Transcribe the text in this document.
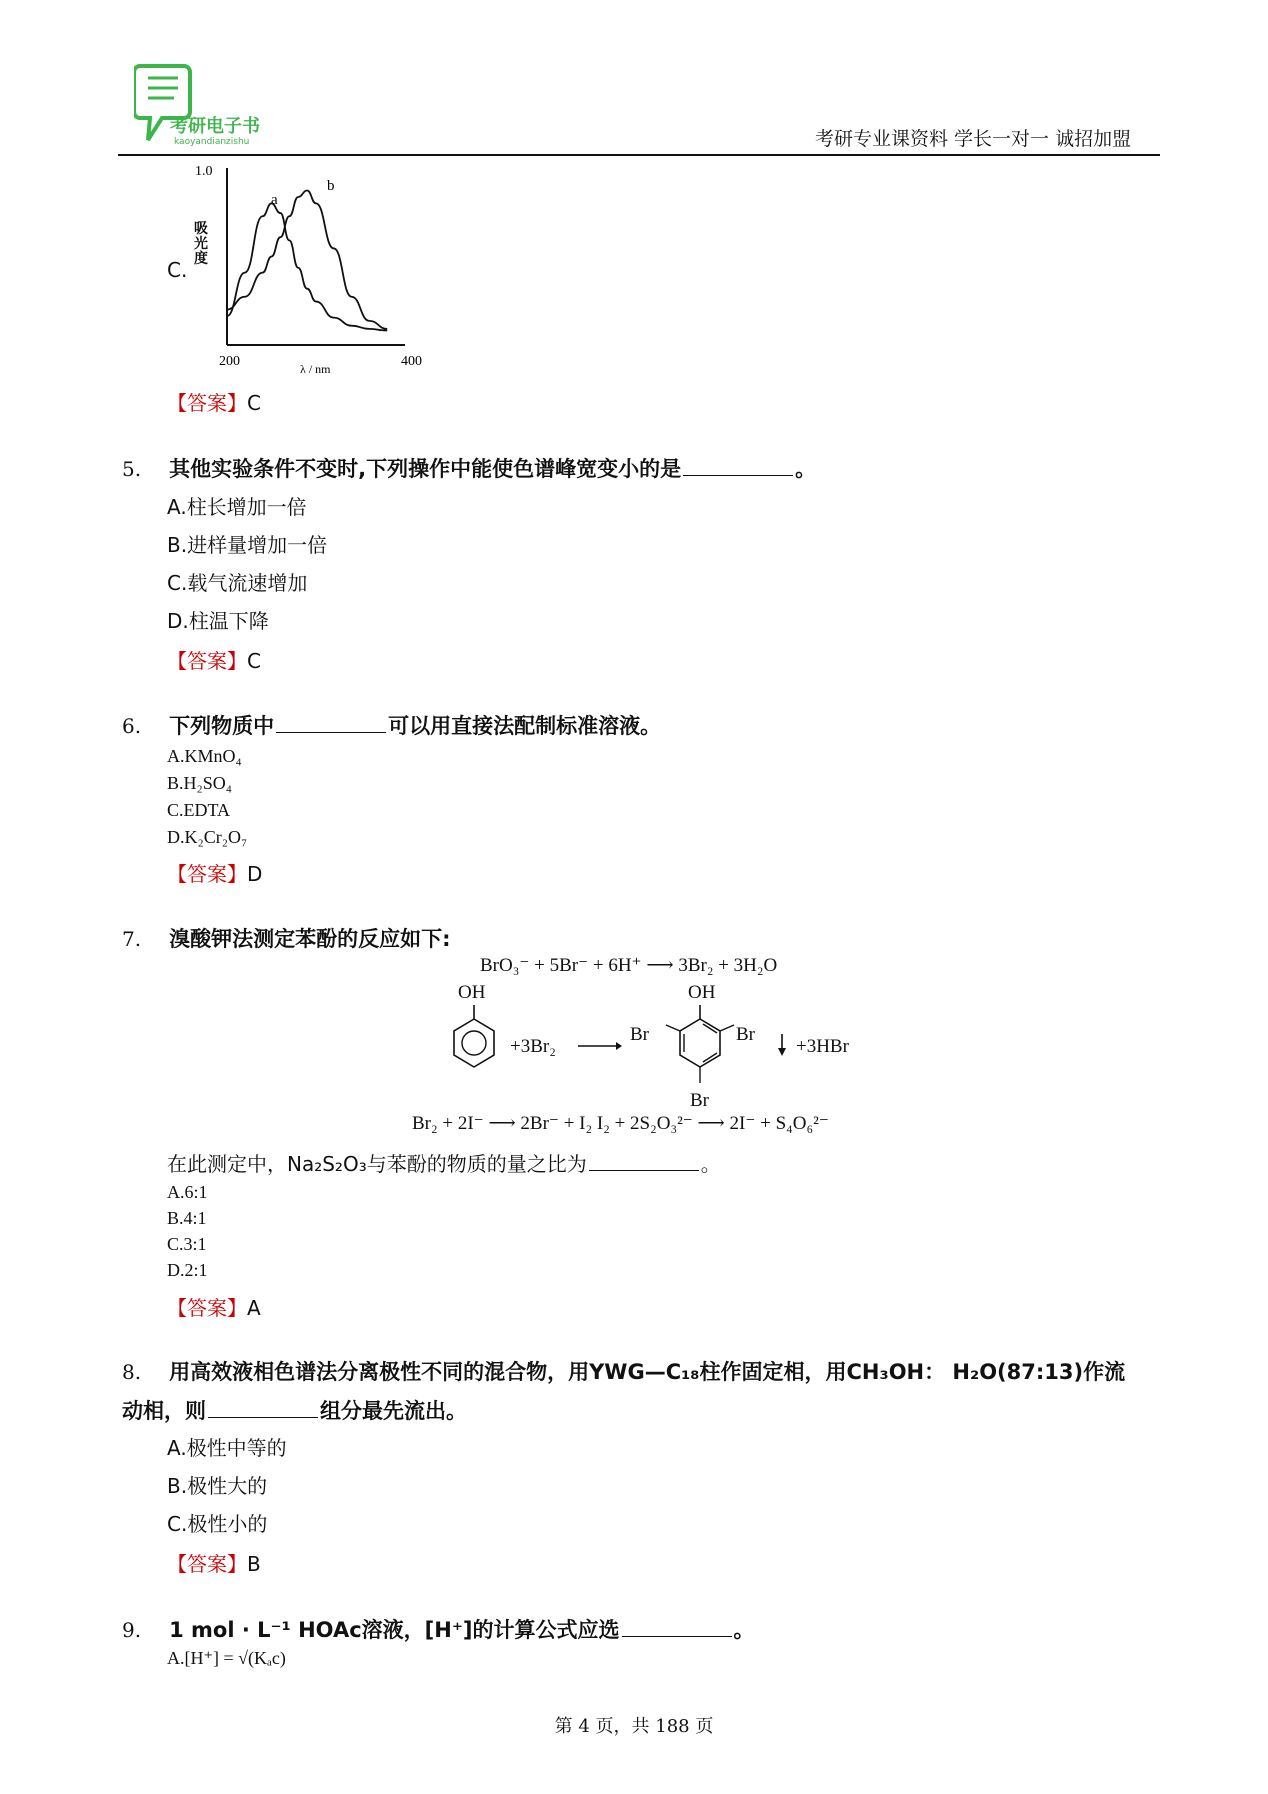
考研电子书
kaoyandianzishu	考研专业课资料 学长一对一 诚招加盟
C.
1.0
200	400
λ / nm
a
b
吸光度
【答案】C
5. 其他实验条件不变时,下列操作中能使色谱峰宽变小的是	。
A.柱长增加一倍
B.进样量增加一倍
C.载气流速增加
D.柱温下降
【答案】C
6. 下列物质中	可以用直接法配制标准溶液。
A.KMnO₄
B.H₂SO₄
C.EDTA
D.K₂Cr₂O₇
【答案】D
7. 溴酸钾法测定苯酚的反应如下:
BrO₃⁻ + 5Br⁻ + 6H⁺ ⟶ 3Br₂ + 3H₂O
OH	OH
+3Br₂ →
Br	Br
Br
+3HBr
Br₂ + 2I⁻ ⟶ 2Br⁻ + I₂ I₂ + 2S₂O₃²⁻ ⟶ 2I⁻ + S₄O₆²⁻
在此测定中，Na₂S₂O₃与苯酚的物质的量之比为	。
A.6:1
B.4:1
C.3:1
D.2:1
【答案】A
8. 用高效液相色谱法分离极性不同的混合物，用YWG—C₁₈柱作固定相，用CH₃OH： H₂O(87:13)作流
动相，则	组分最先流出。
A.极性中等的
B.极性大的
C.极性小的
【答案】B
9. 1 mol · L⁻¹ HOAc溶液，[H⁺]的计算公式应选	。
A.[H⁺] = √(Kₐc)
第 4 页，共 188 页
